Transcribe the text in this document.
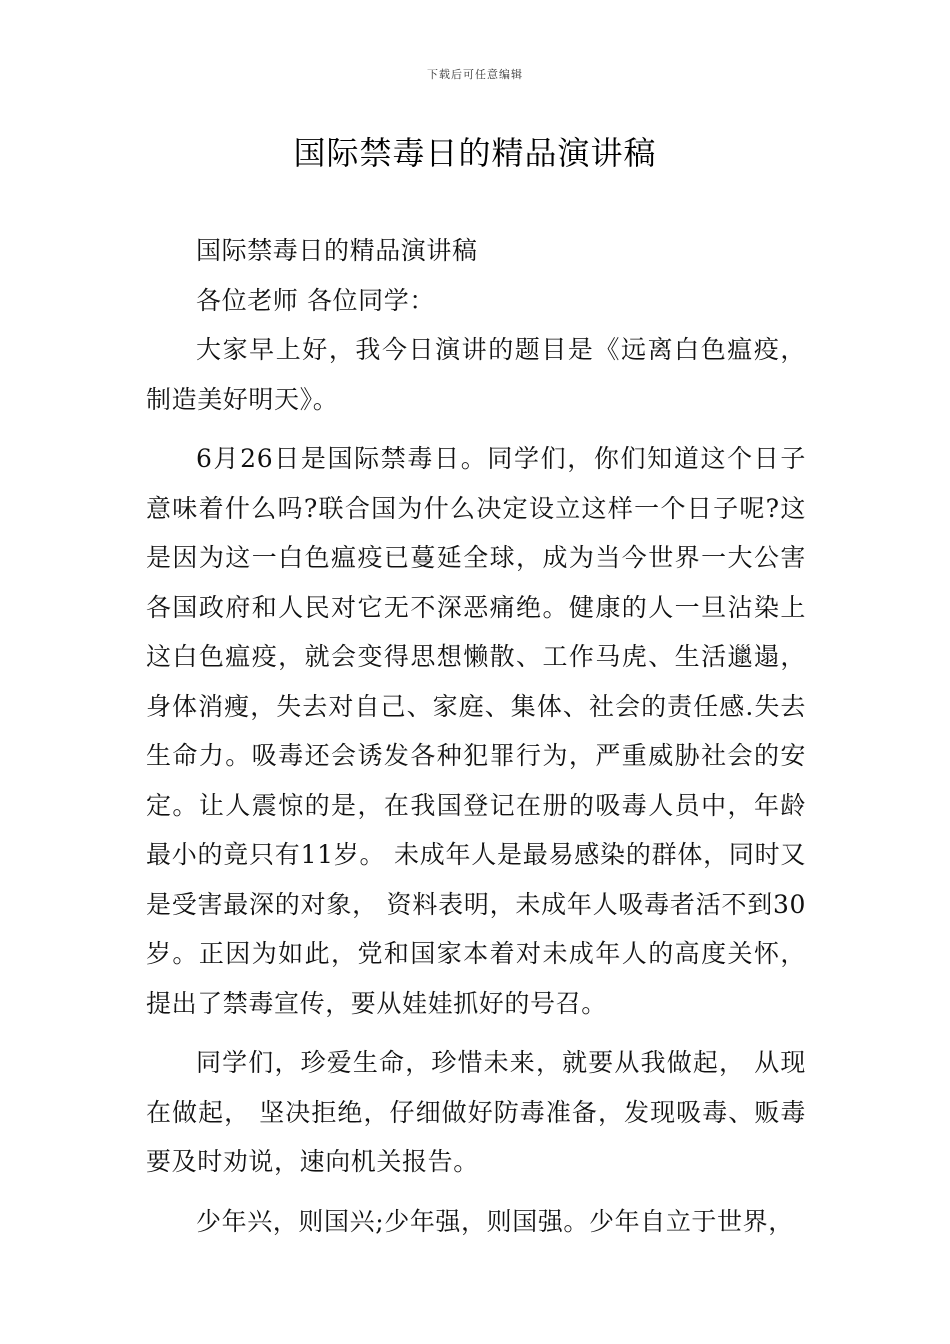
下载后可任意编辑
国际禁毒日的精品演讲稿

国际禁毒日的精品演讲稿

各位老师 各位同学：

大家早上好，我今日演讲的题目是《远离白色瘟疫，制造美好明天》。

6月26日是国际禁毒日。同学们，你们知道这个日子意味着什么吗?联合国为什么决定设立这样一个日子呢?这是因为这一白色瘟疫已蔓延全球，成为当今世界一大公害各国政府和人民对它无不深恶痛绝。健康的人一旦沾染上这白色瘟疫，就会变得思想懒散、工作马虎、生活邋遢，身体消瘦，失去对自己、家庭、集体、社会的责任感.失去生命力。吸毒还会诱发各种犯罪行为，严重威胁社会的安定。让人震惊的是，在我国登记在册的吸毒人员中，年龄最小的竟只有11岁。 未成年人是最易感染的群体，同时又是受害最深的对象， 资料表明，未成年人吸毒者活不到30岁。正因为如此，党和国家本着对未成年人的高度关怀，提出了禁毒宣传，要从娃娃抓好的号召。

同学们，珍爱生命，珍惜未来，就要从我做起， 从现在做起， 坚决拒绝，仔细做好防毒准备，发现吸毒、贩毒要及时劝说，速向机关报告。

少年兴，则国兴;少年强，则国强。少年自立于世界，
